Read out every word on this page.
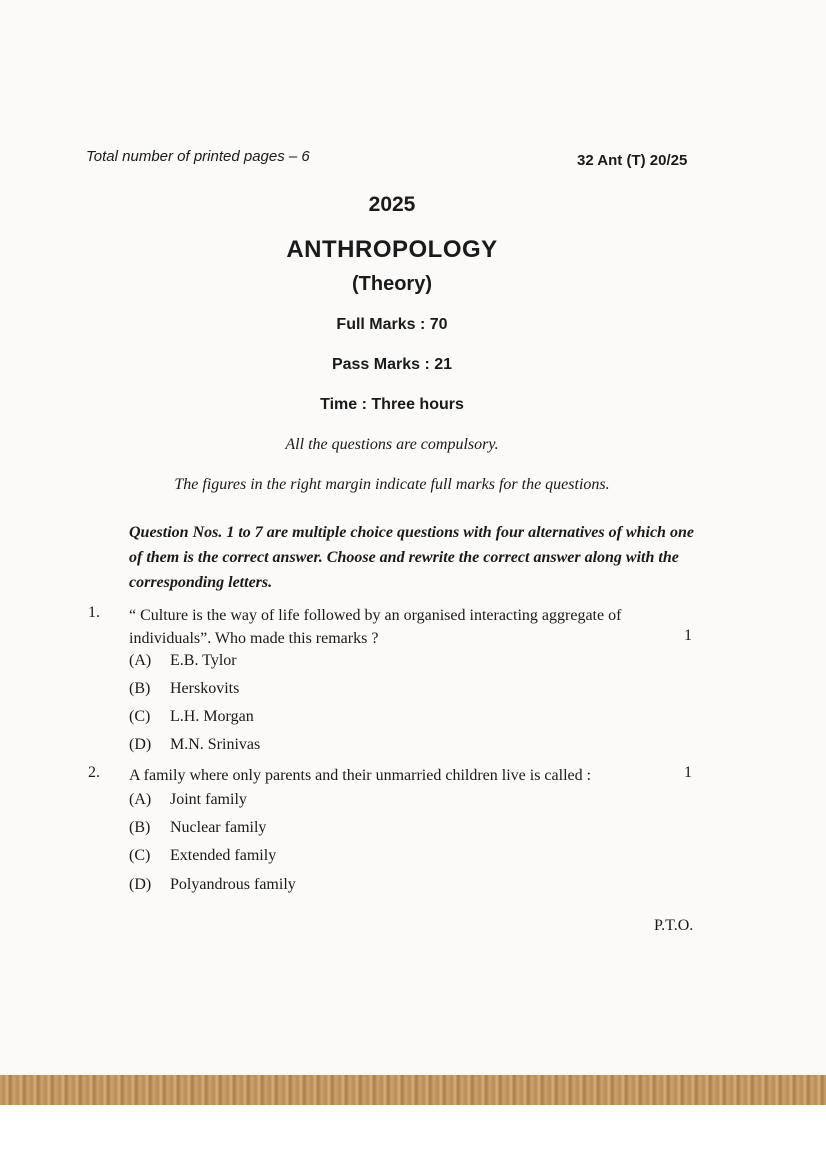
Total number of printed pages – 6	32 Ant (T) 20/25
2025
ANTHROPOLOGY
(Theory)
Full Marks : 70
Pass Marks : 21
Time : Three hours
All the questions are compulsory.
The figures in the right margin indicate full marks for the questions.
Question Nos. 1 to 7 are multiple choice questions with four alternatives of which one of them is the correct answer. Choose and rewrite the correct answer along with the corresponding letters.
1. “ Culture is the way of life followed by an organised interacting aggregate of
individuals”. Who made this remarks ?	1
(A) E.B. Tylor
(B) Herskovits
(C) L.H. Morgan
(D) M.N. Srinivas
2. A family where only parents and their unmarried children live is called :	1
(A) Joint family
(B) Nuclear family
(C) Extended family
(D) Polyandrous family
P.T.O.
